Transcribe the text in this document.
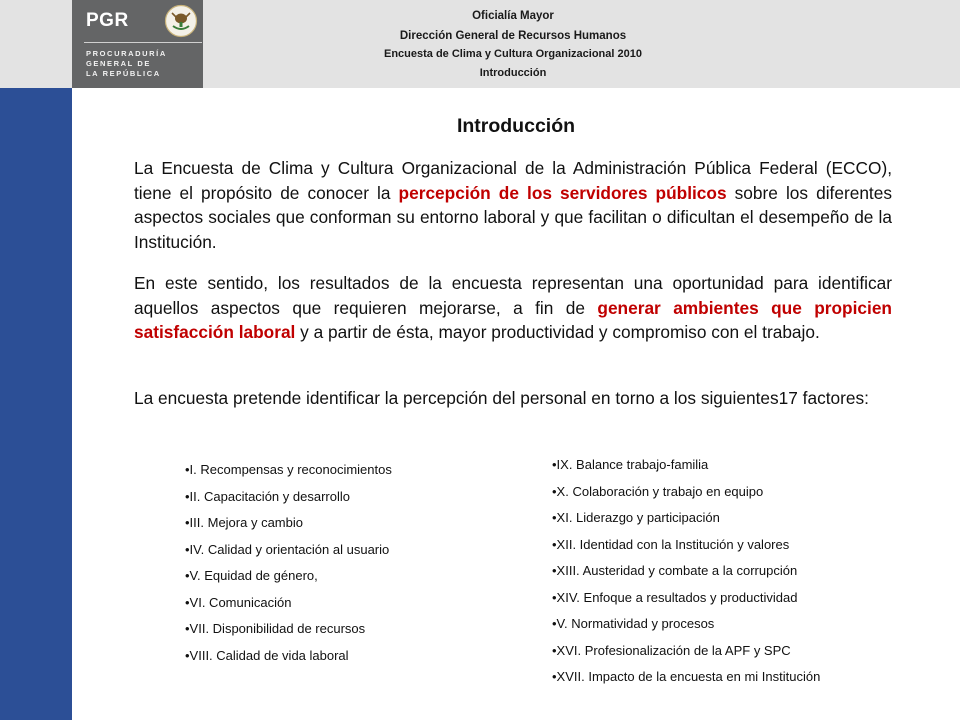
PGR
PROCURADURÍA
GENERAL DE
LA REPÚBLICA
Oficialía Mayor
Dirección General de Recursos Humanos
Encuesta de Clima y Cultura Organizacional 2010
Introducción
Introducción

La Encuesta de Clima y Cultura Organizacional de la Administración Pública Federal (ECCO), tiene el propósito de conocer la percepción de los servidores públicos sobre los diferentes aspectos sociales que conforman su entorno laboral y que facilitan o dificultan el desempeño de la Institución.

En este sentido, los resultados de la encuesta representan una oportunidad para identificar aquellos aspectos que requieren mejorarse, a fin de generar ambientes que propicien satisfacción laboral y a partir de ésta, mayor productividad y compromiso con el trabajo.

La encuesta pretende identificar la percepción del personal en torno a los siguientes17 factores:

•I. Recompensas y reconocimientos
•II. Capacitación y desarrollo
•III. Mejora y cambio
•IV. Calidad y orientación al usuario
•V. Equidad de género,
•VI. Comunicación
•VII. Disponibilidad de recursos
•VIII. Calidad de vida laboral
•IX. Balance trabajo-familia
•X. Colaboración y trabajo en equipo
•XI. Liderazgo y participación
•XII. Identidad con la Institución y valores
•XIII. Austeridad y combate a la corrupción
•XIV. Enfoque a resultados y productividad
•V. Normatividad y procesos
•XVI. Profesionalización de la APF y SPC
•XVII. Impacto de la encuesta en mi Institución
